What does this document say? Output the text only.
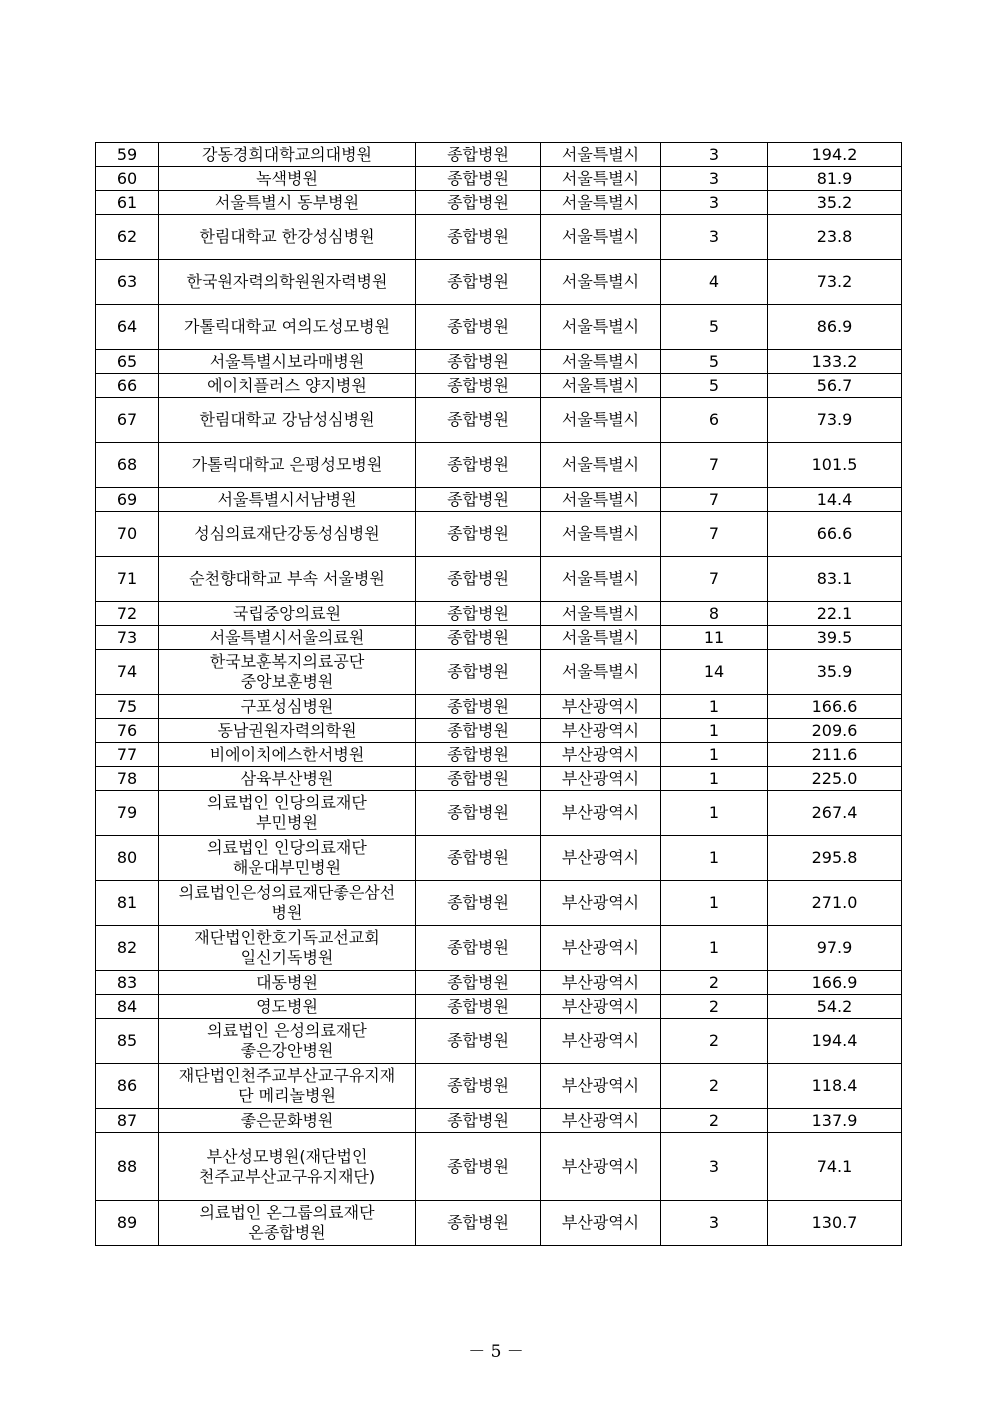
59	강동경희대학교의대병원	종합병원	서울특별시	3	194.2
60	녹색병원	종합병원	서울특별시	3	81.9
61	서울특별시 동부병원	종합병원	서울특별시	3	35.2
62	한림대학교 한강성심병원	종합병원	서울특별시	3	23.8
63	한국원자력의학원원자력병원	종합병원	서울특별시	4	73.2
64	가톨릭대학교 여의도성모병원	종합병원	서울특별시	5	86.9
65	서울특별시보라매병원	종합병원	서울특별시	5	133.2
66	에이치플러스 양지병원	종합병원	서울특별시	5	56.7
67	한림대학교 강남성심병원	종합병원	서울특별시	6	73.9
68	가톨릭대학교 은평성모병원	종합병원	서울특별시	7	101.5
69	서울특별시서남병원	종합병원	서울특별시	7	14.4
70	성심의료재단강동성심병원	종합병원	서울특별시	7	66.6
71	순천향대학교 부속 서울병원	종합병원	서울특별시	7	83.1
72	국립중앙의료원	종합병원	서울특별시	8	22.1
73	서울특별시서울의료원	종합병원	서울특별시	11	39.5
74	한국보훈복지의료공단
중앙보훈병원	종합병원	서울특별시	14	35.9
75	구포성심병원	종합병원	부산광역시	1	166.6
76	동남권원자력의학원	종합병원	부산광역시	1	209.6
77	비에이치에스한서병원	종합병원	부산광역시	1	211.6
78	삼육부산병원	종합병원	부산광역시	1	225.0
79	의료법인 인당의료재단
부민병원	종합병원	부산광역시	1	267.4
80	의료법인 인당의료재단
해운대부민병원	종합병원	부산광역시	1	295.8
81	의료법인은성의료재단좋은삼선
병원	종합병원	부산광역시	1	271.0
82	재단법인한호기독교선교회
일신기독병원	종합병원	부산광역시	1	97.9
83	대동병원	종합병원	부산광역시	2	166.9
84	영도병원	종합병원	부산광역시	2	54.2
85	의료법인 은성의료재단
좋은강안병원	종합병원	부산광역시	2	194.4
86	재단법인천주교부산교구유지재
단 메리놀병원	종합병원	부산광역시	2	118.4
87	좋은문화병원	종합병원	부산광역시	2	137.9
88	부산성모병원(재단법인
천주교부산교구유지재단)	종합병원	부산광역시	3	74.1
89	의료법인 온그룹의료재단
온종합병원	종합병원	부산광역시	3	130.7
－ 5 －
